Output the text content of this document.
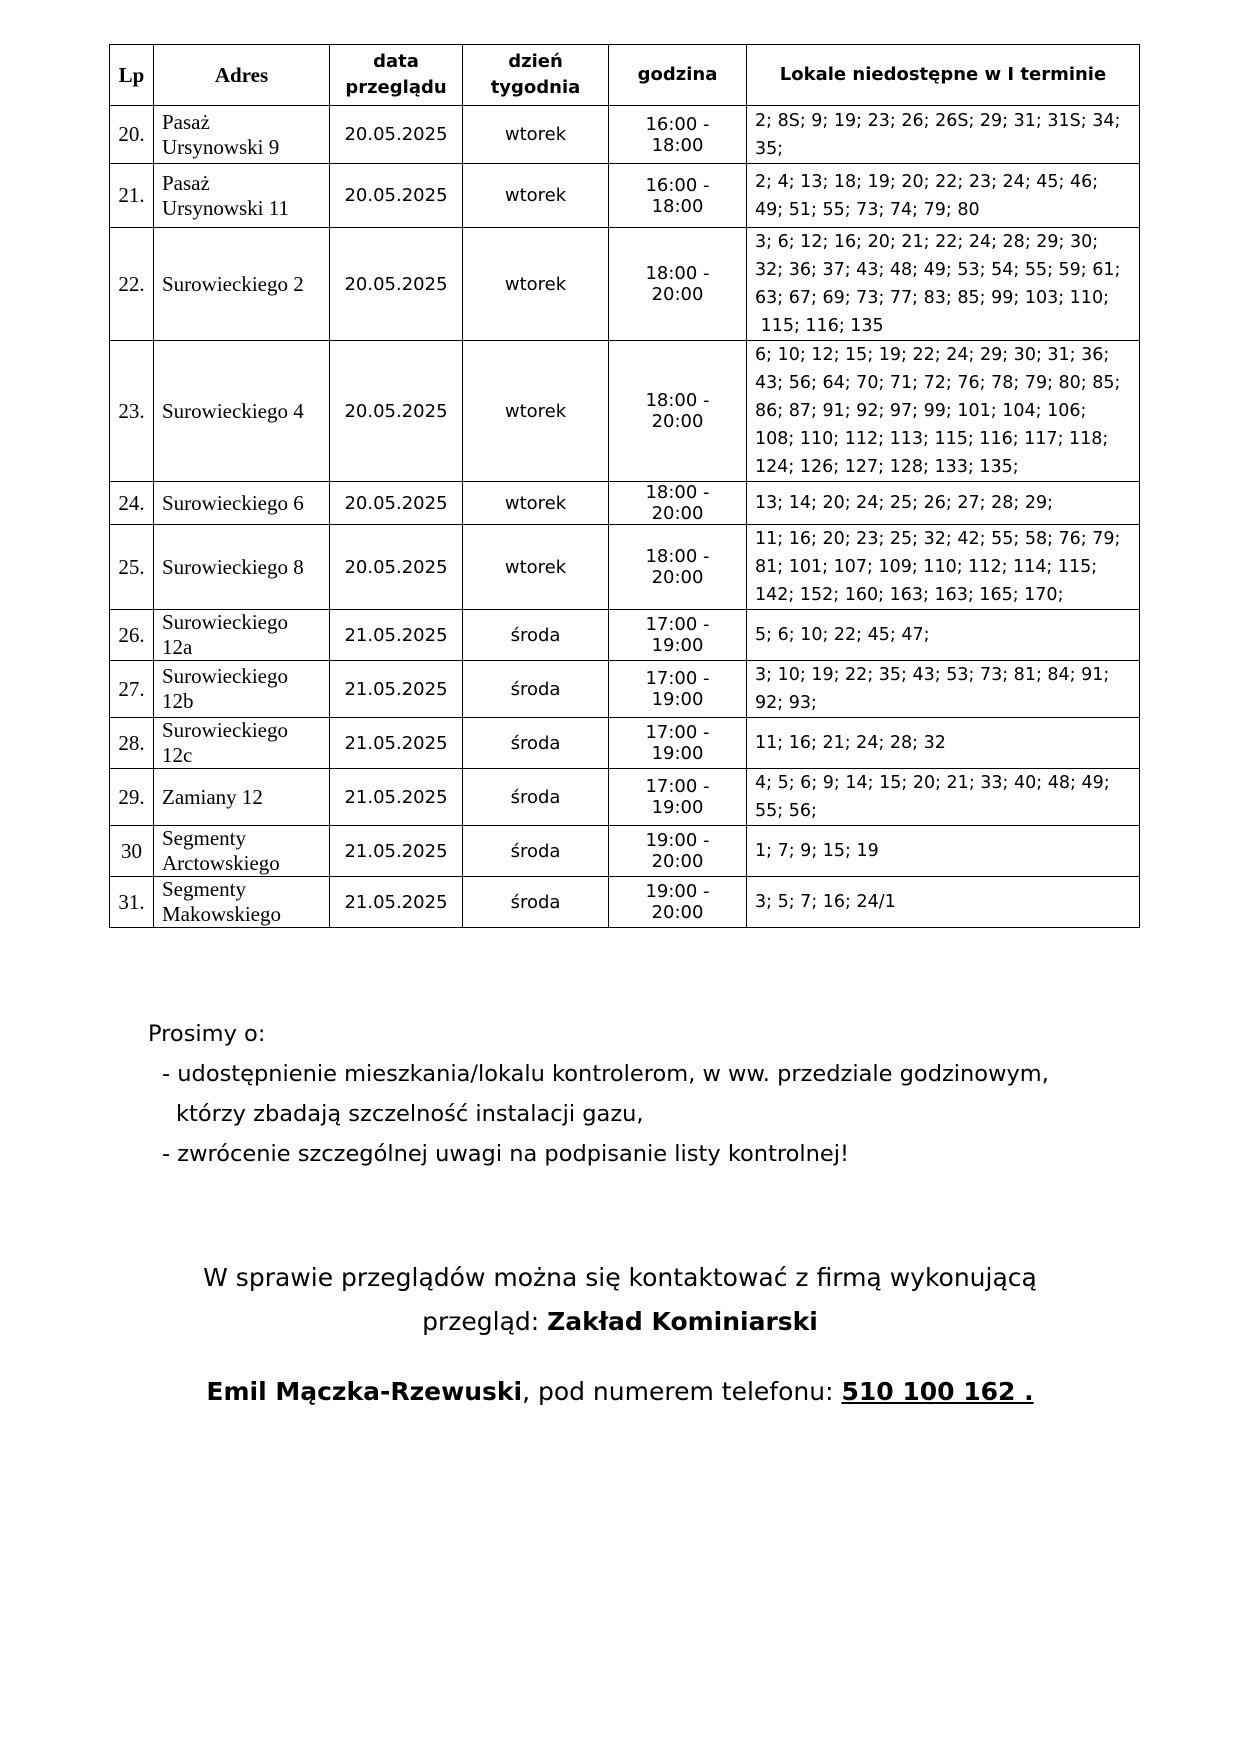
Lp	Adres	data
przeglądu	dzień
tygodnia	godzina	Lokale niedostępne w I terminie
20.	Pasaż
Ursynowski 9	20.05.2025	wtorek	16:00 - 18:00	2; 8S; 9; 19; 23; 26; 26S; 29; 31; 31S; 34;
35;
21.	Pasaż
Ursynowski 11	20.05.2025	wtorek	16:00 - 18:00	2; 4; 13; 18; 19; 20; 22; 23; 24; 45; 46;
49; 51; 55; 73; 74; 79; 80
22.	Surowieckiego 2	20.05.2025	wtorek	18:00 - 20:00	3; 6; 12; 16; 20; 21; 22; 24; 28; 29; 30;
32; 36; 37; 43; 48; 49; 53; 54; 55; 59; 61;
63; 67; 69; 73; 77; 83; 85; 99; 103; 110;
115; 116; 135
23.	Surowieckiego 4	20.05.2025	wtorek	18:00 - 20:00	6; 10; 12; 15; 19; 22; 24; 29; 30; 31; 36;
43; 56; 64; 70; 71; 72; 76; 78; 79; 80; 85;
86; 87; 91; 92; 97; 99; 101; 104; 106;
108; 110; 112; 113; 115; 116; 117; 118;
124; 126; 127; 128; 133; 135;
24.	Surowieckiego 6	20.05.2025	wtorek	18:00 - 20:00	13; 14; 20; 24; 25; 26; 27; 28; 29;
25.	Surowieckiego 8	20.05.2025	wtorek	18:00 - 20:00	11; 16; 20; 23; 25; 32; 42; 55; 58; 76; 79;
81; 101; 107; 109; 110; 112; 114; 115;
142; 152; 160; 163; 163; 165; 170;
26.	Surowieckiego
12a	21.05.2025	środa	17:00 - 19:00	5; 6; 10; 22; 45; 47;
27.	Surowieckiego
12b	21.05.2025	środa	17:00 - 19:00	3; 10; 19; 22; 35; 43; 53; 73; 81; 84; 91;
92; 93;
28.	Surowieckiego
12c	21.05.2025	środa	17:00 - 19:00	11; 16; 21; 24; 28; 32
29.	Zamiany 12	21.05.2025	środa	17:00 - 19:00	4; 5; 6; 9; 14; 15; 20; 21; 33; 40; 48; 49;
55; 56;
30	Segmenty
Arctowskiego	21.05.2025	środa	19:00 - 20:00	1; 7; 9; 15; 19
31.	Segmenty
Makowskiego	21.05.2025	środa	19:00 - 20:00	3; 5; 7; 16; 24/1

Prosimy o:

- udostępnienie mieszkania/lokalu kontrolerom, w ww. przedziale godzinowym,

którzy zbadają szczelność instalacji gazu,

- zwrócenie szczególnej uwagi na podpisanie listy kontrolnej!

W sprawie przeglądów można się kontaktować z firmą wykonującą

przegląd: Zakład Kominiarski

Emil Mączka-Rzewuski, pod numerem telefonu: 510 100 162 .
